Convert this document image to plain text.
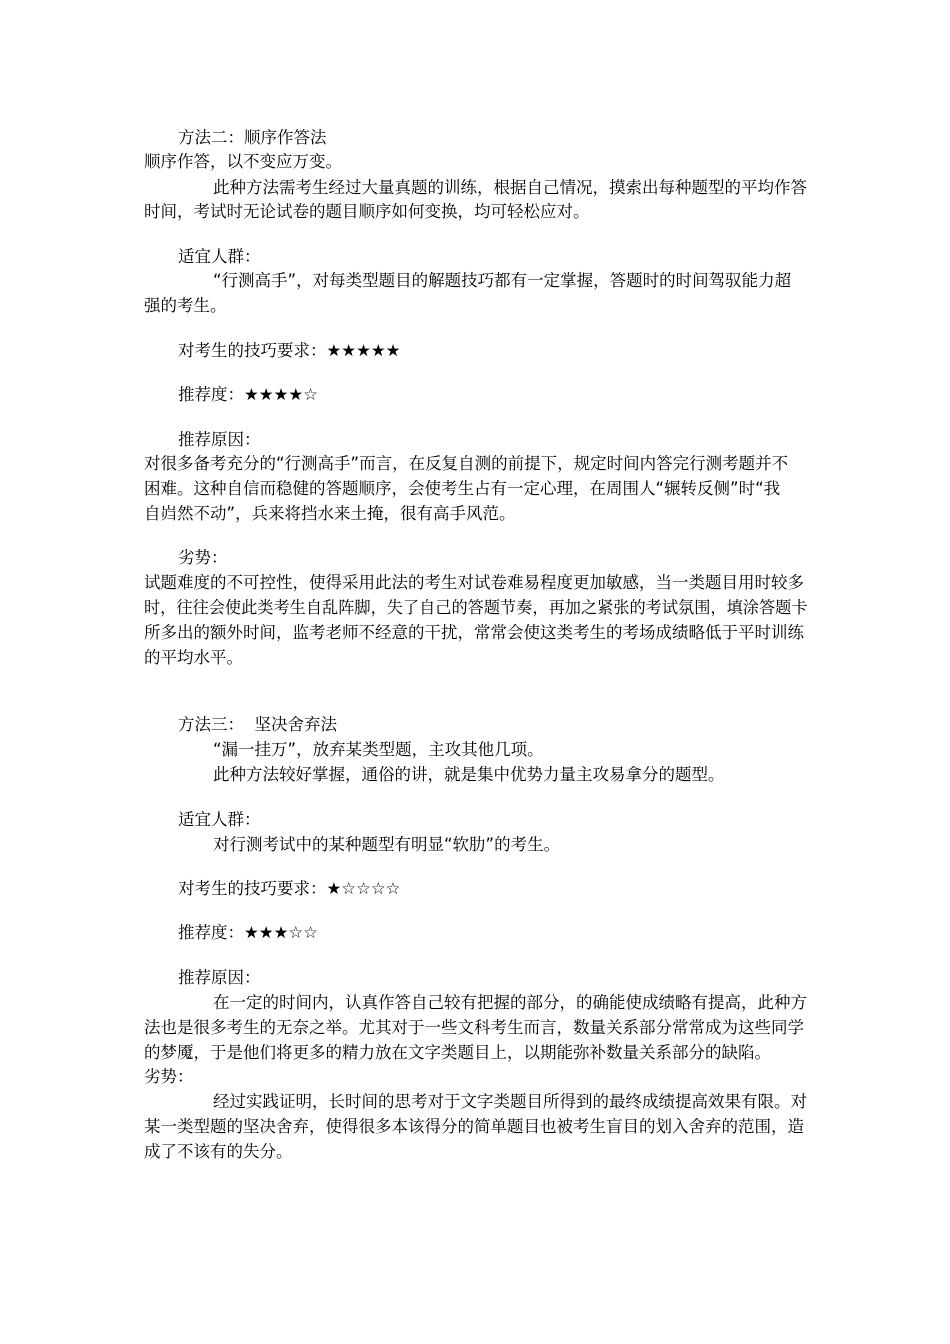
方法二：顺序作答法
顺序作答，以不变应万变。
此种方法需考生经过大量真题的训练，根据自己情况，摸索出每种题型的平均作答
时间，考试时无论试卷的题目顺序如何变换，均可轻松应对。
适宜人群：
“行测高手”，对每类型题目的解题技巧都有一定掌握，答题时的时间驾驭能力超
强的考生。
对考生的技巧要求：★★★★★
推荐度：★★★★☆
推荐原因：
对很多备考充分的“行测高手”而言，在反复自测的前提下，规定时间内答完行测考题并不
困难。这种自信而稳健的答题顺序，会使考生占有一定心理，在周围人“辗转反侧”时“我
自岿然不动”，兵来将挡水来土掩，很有高手风范。
劣势：
试题难度的不可控性，使得采用此法的考生对试卷难易程度更加敏感，当一类题目用时较多
时，往往会使此类考生自乱阵脚，失了自己的答题节奏，再加之紧张的考试氛围，填涂答题卡
所多出的额外时间，监考老师不经意的干扰，常常会使这类考生的考场成绩略低于平时训练
的平均水平。
方法三：  坚决舍弃法
“漏一挂万”，放弃某类型题，主攻其他几项。
此种方法较好掌握，通俗的讲，就是集中优势力量主攻易拿分的题型。
适宜人群：
对行测考试中的某种题型有明显“软肋”的考生。
对考生的技巧要求：★☆☆☆☆
推荐度：★★★☆☆
推荐原因：
在一定的时间内，认真作答自己较有把握的部分，的确能使成绩略有提高，此种方
法也是很多考生的无奈之举。尤其对于一些文科考生而言，数量关系部分常常成为这些同学
的梦魇，于是他们将更多的精力放在文字类题目上，以期能弥补数量关系部分的缺陷。
劣势：
经过实践证明，长时间的思考对于文字类题目所得到的最终成绩提高效果有限。对
某一类型题的坚决舍弃，使得很多本该得分的简单题目也被考生盲目的划入舍弃的范围，造
成了不该有的失分。
